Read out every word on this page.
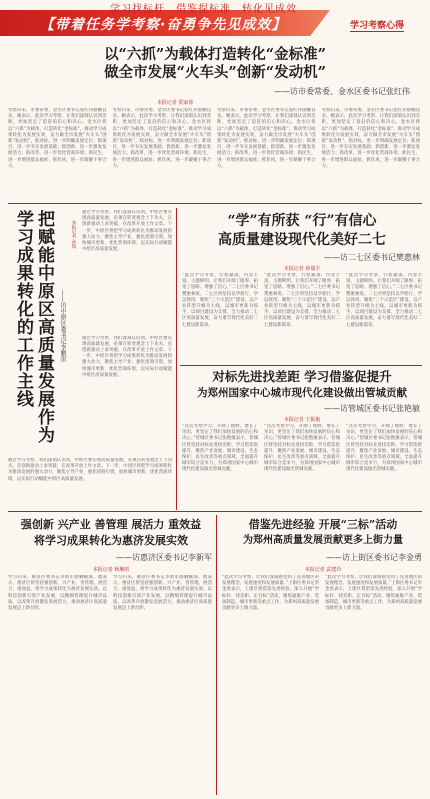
学习找标杆　借鉴提标准　转化见成效
【带着任务学考察·奋勇争先见成效】	学习考察心得
以“六抓”为载体打造转化“金标准”
做全市发展“火车头”创新“发动机”
——访市委常委、金水区委书记张红伟
本报记者 贾家蓉
考察归来，市委常委、金水区委书记张红伟感触良多。她表示，此次学习考察，让我们深刻认识到差距，更加坚定了追赶的信心和决心。金水区将以“六抓”为载体，打造转化“金标准”，推动学习成果转化为发展实效，奋力做全市发展“火车头”创新“发动机”。抓对标，进一步明确发展定位；抓项目，进一步夯实发展基础；抓创新，进一步激发发展活力；抓改革，进一步优化营商环境；抓民生，进一步增进群众福祉；抓作风，进一步凝聚干事合力。
考察归来，市委常委、金水区委书记张红伟感触良多。她表示，此次学习考察，让我们深刻认识到差距，更加坚定了追赶的信心和决心。金水区将以“六抓”为载体，打造转化“金标准”，推动学习成果转化为发展实效，奋力做全市发展“火车头”创新“发动机”。抓对标，进一步明确发展定位；抓项目，进一步夯实发展基础；抓创新，进一步激发发展活力；抓改革，进一步优化营商环境；抓民生，进一步增进群众福祉；抓作风，进一步凝聚干事合力。
考察归来，市委常委、金水区委书记张红伟感触良多。她表示，此次学习考察，让我们深刻认识到差距，更加坚定了追赶的信心和决心。金水区将以“六抓”为载体，打造转化“金标准”，推动学习成果转化为发展实效，奋力做全市发展“火车头”创新“发动机”。抓对标，进一步明确发展定位；抓项目，进一步夯实发展基础；抓创新，进一步激发发展活力；抓改革，进一步优化营商环境；抓民生，进一步增进群众福祉；抓作风，进一步凝聚干事合力。
考察归来，市委常委、金水区委书记张红伟感触良多。她表示，此次学习考察，让我们深刻认识到差距，更加坚定了追赶的信心和决心。金水区将以“六抓”为载体，打造转化“金标准”，推动学习成果转化为发展实效，奋力做全市发展“火车头”创新“发动机”。抓对标，进一步明确发展定位；抓项目，进一步夯实发展基础；抓创新，进一步激发发展活力；抓改革，进一步优化营商环境；抓民生，进一步增进群众福祉；抓作风，进一步凝聚干事合力。
把赋能中原区高质量发展作为学习成果转化的工作主线	——访中原区委书记李鹏雷
本报记者 孙瑞
通过学习考察，我们深刻认识到，中原区要实现高质量发展，必须在转变观念上下功夫，在创新驱动上求突破，在改革开放上作文章。下一步，中原区将把学习成果转化为推动发展的强大动力，聚焦主导产业，强化招商引资，加快城市更新，优化营商环境，以实际行动赋能中原区高质量发展。
通过学习考察，我们深刻认识到，中原区要实现高质量发展，必须在转变观念上下功夫，在创新驱动上求突破，在改革开放上作文章。下一步，中原区将把学习成果转化为推动发展的强大动力，聚焦主导产业，强化招商引资，加快城市更新，优化营商环境，以实际行动赋能中原区高质量发展。
通过学习考察，我们深刻认识到，中原区要实现高质量发展，必须在转变观念上下功夫，在创新驱动上求突破，在改革开放上作文章。下一步，中原区将把学习成果转化为推动发展的强大动力，聚焦主导产业，强化招商引资，加快城市更新，优化营商环境，以实际行动赋能中原区高质量发展。
“学”有所获 “行”有信心
高质量建设现代化美好二七
——访二七区委书记樊惠林
本报记者 孙瑞宇
“此次学习考察，行程紧凑、内容丰富、主题鲜明，让我们开阔了眼界、拓宽了思路、增强了信心。”二七区委书记樊惠林说。二七区将坚持以学促行、学以致用，聚焦“三个示范区”建设，以产业转型升级为主线，以城市更新为抓手，以项目建设为支撑，全力推动二七区高质量发展，奋力谱写现代化美好二七建设新篇章。
“此次学习考察，行程紧凑、内容丰富、主题鲜明，让我们开阔了眼界、拓宽了思路、增强了信心。”二七区委书记樊惠林说。二七区将坚持以学促行、学以致用，聚焦“三个示范区”建设，以产业转型升级为主线，以城市更新为抓手，以项目建设为支撑，全力推动二七区高质量发展，奋力谱写现代化美好二七建设新篇章。
“此次学习考察，行程紧凑、内容丰富、主题鲜明，让我们开阔了眼界、拓宽了思路、增强了信心。”二七区委书记樊惠林说。二七区将坚持以学促行、学以致用，聚焦“三个示范区”建设，以产业转型升级为主线，以城市更新为抓手，以项目建设为支撑，全力推动二七区高质量发展，奋力谱写现代化美好二七建设新篇章。
对标先进找差距 学习借鉴促提升
为郑州国家中心城市现代化建设做出管城贡献
——访管城区委书记张艳敏
本报记者 王振俊
“这次考察学习，开阔了视野，增长了见识，更坚定了我们加快发展的信心和决心。”管城区委书记张艳敏表示，管城区将坚持对标先进找差距、学习借鉴促提升，聚焦产业发展、城市建设、生态保护、民生改善等重点领域，全面提升城市综合竞争力，为郑州国家中心城市现代化建设做出管城贡献。
“这次考察学习，开阔了视野，增长了见识，更坚定了我们加快发展的信心和决心。”管城区委书记张艳敏表示，管城区将坚持对标先进找差距、学习借鉴促提升，聚焦产业发展、城市建设、生态保护、民生改善等重点领域，全面提升城市综合竞争力，为郑州国家中心城市现代化建设做出管城贡献。
“这次考察学习，开阔了视野，增长了见识，更坚定了我们加快发展的信心和决心。”管城区委书记张艳敏表示，管城区将坚持对标先进找差距、学习借鉴促提升，聚焦产业发展、城市建设、生态保护、民生改善等重点领域，全面提升城市综合竞争力，为郑州国家中心城市现代化建设做出管城贡献。
强创新 兴产业 善管理 展活力 重效益
将学习成果转化为惠济发展实效
——访惠济区委书记李新军
本报记者 杨琳雨
学习归来，惠济区委书记李新军感触颇深。他表示，惠济区将坚持强创新、兴产业、善管理、展活力、重效益，将学习成果转化为惠济发展实效。以科技创新引领产业发展，以精细管理提升城市品质，以改革开放激发发展活力，推动惠济区高质量发展迈上新台阶。
学习归来，惠济区委书记李新军感触颇深。他表示，惠济区将坚持强创新、兴产业、善管理、展活力、重效益，将学习成果转化为惠济发展实效。以科技创新引领产业发展，以精细管理提升城市品质，以改革开放激发发展活力，推动惠济区高质量发展迈上新台阶。
借鉴先进经验 开展“三标”活动
为郑州高质量发展贡献更多上街力量
——访上街区委书记李金勇
本报记者 武建玲
“此次学习考察，让我们深刻感受到了先进地区的发展理念、发展速度和发展质量。”上街区委书记李金勇表示，上街区将借鉴先进经验，深入开展“学标杆、找差距、定目标”活动，聚焦通航产业、装备制造、城市更新等重点工作，为郑州高质量发展贡献更多上街力量。
“此次学习考察，让我们深刻感受到了先进地区的发展理念、发展速度和发展质量。”上街区委书记李金勇表示，上街区将借鉴先进经验，深入开展“学标杆、找差距、定目标”活动，聚焦通航产业、装备制造、城市更新等重点工作，为郑州高质量发展贡献更多上街力量。
